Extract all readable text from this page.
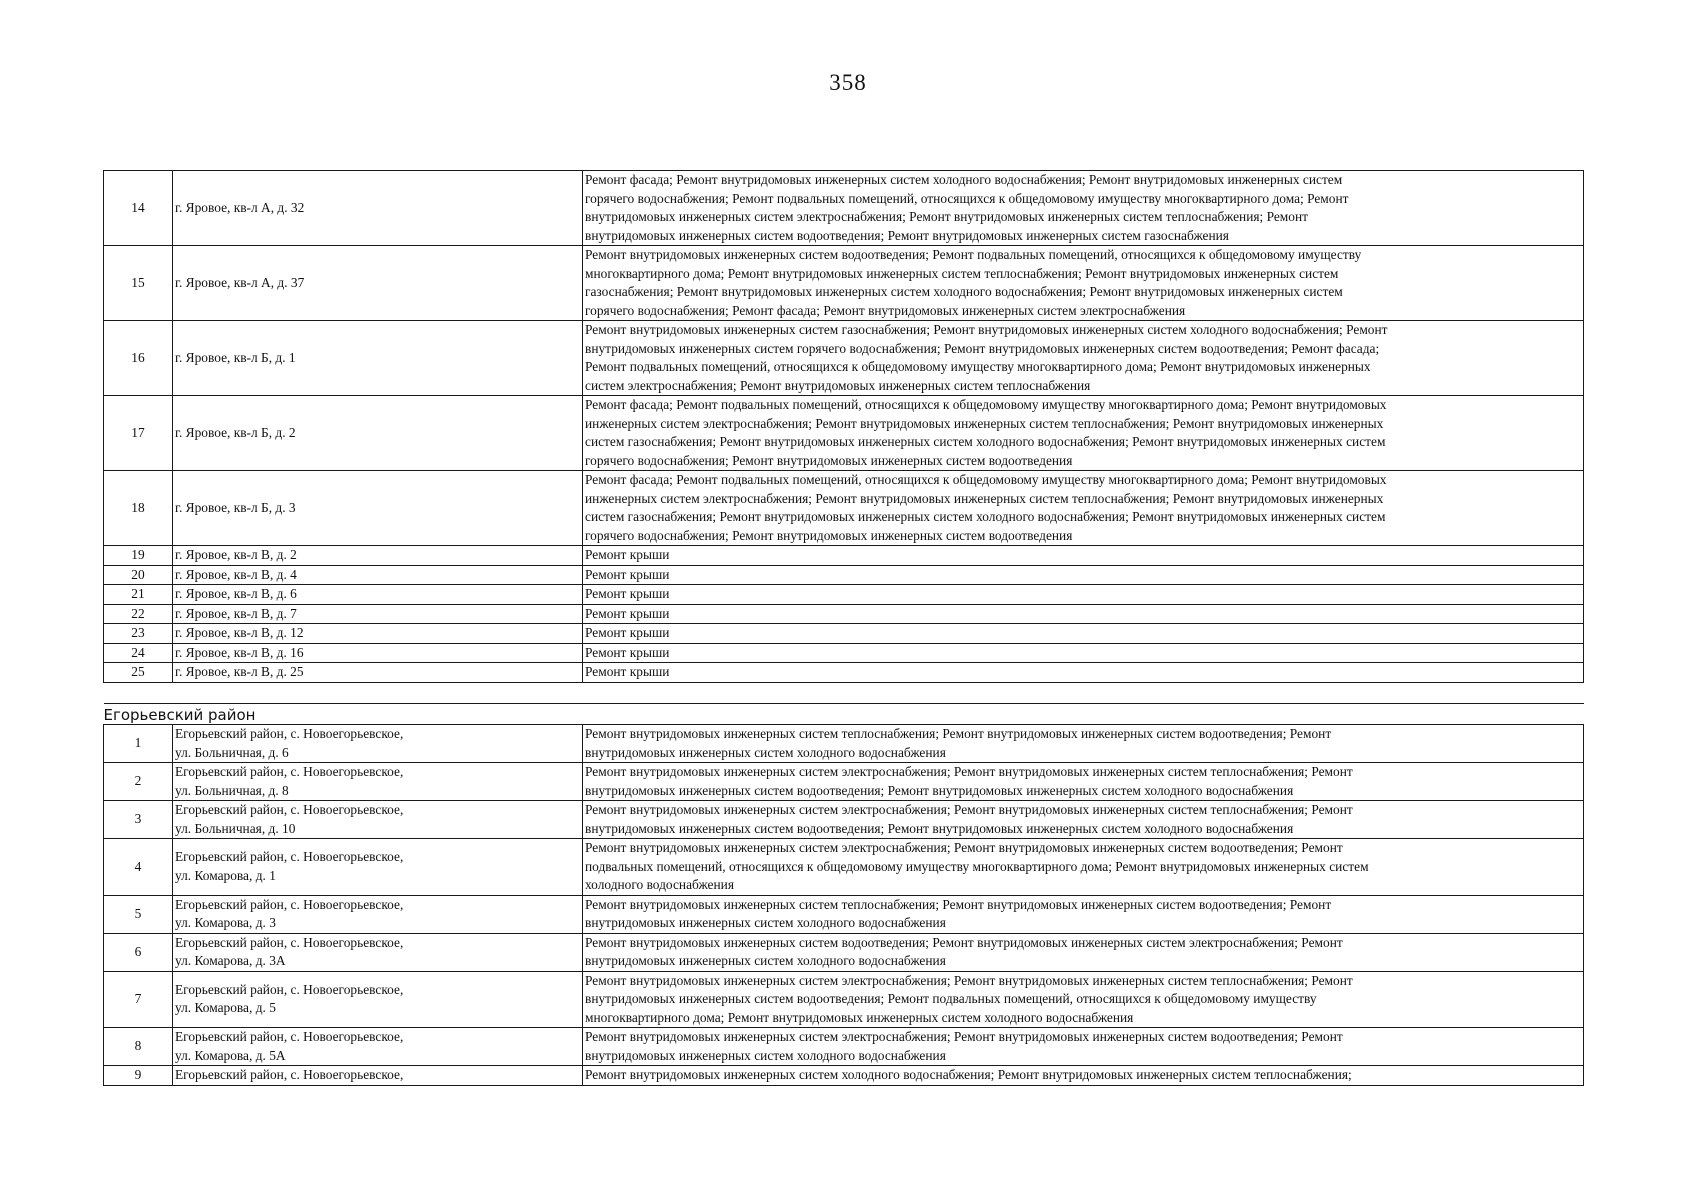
358
14	г. Яровое, кв-л А, д. 32	Ремонт фасада; Ремонт внутридомовых инженерных систем холодного водоснабжения; Ремонт внутридомовых инженерных систем
горячего водоснабжения; Ремонт подвальных помещений, относящихся к общедомовому имуществу многоквартирного дома; Ремонт
внутридомовых инженерных систем электроснабжения; Ремонт внутридомовых инженерных систем теплоснабжения; Ремонт
внутридомовых инженерных систем водоотведения; Ремонт внутридомовых инженерных систем газоснабжения
15	г. Яровое, кв-л А, д. 37	Ремонт внутридомовых инженерных систем водоотведения; Ремонт подвальных помещений, относящихся к общедомовому имуществу
многоквартирного дома; Ремонт внутридомовых инженерных систем теплоснабжения; Ремонт внутридомовых инженерных систем
газоснабжения; Ремонт внутридомовых инженерных систем холодного водоснабжения; Ремонт внутридомовых инженерных систем
горячего водоснабжения; Ремонт фасада; Ремонт внутридомовых инженерных систем электроснабжения
16	г. Яровое, кв-л Б, д. 1	Ремонт внутридомовых инженерных систем газоснабжения; Ремонт внутридомовых инженерных систем холодного водоснабжения; Ремонт
внутридомовых инженерных систем горячего водоснабжения; Ремонт внутридомовых инженерных систем водоотведения; Ремонт фасада;
Ремонт подвальных помещений, относящихся к общедомовому имуществу многоквартирного дома; Ремонт внутридомовых инженерных
систем электроснабжения; Ремонт внутридомовых инженерных систем теплоснабжения
17	г. Яровое, кв-л Б, д. 2	Ремонт фасада; Ремонт подвальных помещений, относящихся к общедомовому имуществу многоквартирного дома; Ремонт внутридомовых
инженерных систем электроснабжения; Ремонт внутридомовых инженерных систем теплоснабжения; Ремонт внутридомовых инженерных
систем газоснабжения; Ремонт внутридомовых инженерных систем холодного водоснабжения; Ремонт внутридомовых инженерных систем
горячего водоснабжения; Ремонт внутридомовых инженерных систем водоотведения
18	г. Яровое, кв-л Б, д. 3	Ремонт фасада; Ремонт подвальных помещений, относящихся к общедомовому имуществу многоквартирного дома; Ремонт внутридомовых
инженерных систем электроснабжения; Ремонт внутридомовых инженерных систем теплоснабжения; Ремонт внутридомовых инженерных
систем газоснабжения; Ремонт внутридомовых инженерных систем холодного водоснабжения; Ремонт внутридомовых инженерных систем
горячего водоснабжения; Ремонт внутридомовых инженерных систем водоотведения
19	г. Яровое, кв-л В, д. 2	Ремонт крыши
20	г. Яровое, кв-л В, д. 4	Ремонт крыши
21	г. Яровое, кв-л В, д. 6	Ремонт крыши
22	г. Яровое, кв-л В, д. 7	Ремонт крыши
23	г. Яровое, кв-л В, д. 12	Ремонт крыши
24	г. Яровое, кв-л В, д. 16	Ремонт крыши
25	г. Яровое, кв-л В, д. 25	Ремонт крыши

Егорьевский район		
1	Егорьевский район, с. Новоегорьевское,
ул. Больничная, д. 6	Ремонт внутридомовых инженерных систем теплоснабжения; Ремонт внутридомовых инженерных систем водоотведения; Ремонт
внутридомовых инженерных систем холодного водоснабжения
2	Егорьевский район, с. Новоегорьевское,
ул. Больничная, д. 8	Ремонт внутридомовых инженерных систем электроснабжения; Ремонт внутридомовых инженерных систем теплоснабжения; Ремонт
внутридомовых инженерных систем водоотведения; Ремонт внутридомовых инженерных систем холодного водоснабжения
3	Егорьевский район, с. Новоегорьевское,
ул. Больничная, д. 10	Ремонт внутридомовых инженерных систем электроснабжения; Ремонт внутридомовых инженерных систем теплоснабжения; Ремонт
внутридомовых инженерных систем водоотведения; Ремонт внутридомовых инженерных систем холодного водоснабжения
4	Егорьевский район, с. Новоегорьевское,
ул. Комарова, д. 1	Ремонт внутридомовых инженерных систем электроснабжения; Ремонт внутридомовых инженерных систем водоотведения; Ремонт
подвальных помещений, относящихся к общедомовому имуществу многоквартирного дома; Ремонт внутридомовых инженерных систем
холодного водоснабжения
5	Егорьевский район, с. Новоегорьевское,
ул. Комарова, д. 3	Ремонт внутридомовых инженерных систем теплоснабжения; Ремонт внутридомовых инженерных систем водоотведения; Ремонт
внутридомовых инженерных систем холодного водоснабжения
6	Егорьевский район, с. Новоегорьевское,
ул. Комарова, д. 3А	Ремонт внутридомовых инженерных систем водоотведения; Ремонт внутридомовых инженерных систем электроснабжения; Ремонт
внутридомовых инженерных систем холодного водоснабжения
7	Егорьевский район, с. Новоегорьевское,
ул. Комарова, д. 5	Ремонт внутридомовых инженерных систем электроснабжения; Ремонт внутридомовых инженерных систем теплоснабжения; Ремонт
внутридомовых инженерных систем водоотведения; Ремонт подвальных помещений, относящихся к общедомовому имуществу
многоквартирного дома; Ремонт внутридомовых инженерных систем холодного водоснабжения
8	Егорьевский район, с. Новоегорьевское,
ул. Комарова, д. 5А	Ремонт внутридомовых инженерных систем электроснабжения; Ремонт внутридомовых инженерных систем водоотведения; Ремонт
внутридомовых инженерных систем холодного водоснабжения
9	Егорьевский район, с. Новоегорьевское,	Ремонт внутридомовых инженерных систем холодного водоснабжения; Ремонт внутридомовых инженерных систем теплоснабжения;
